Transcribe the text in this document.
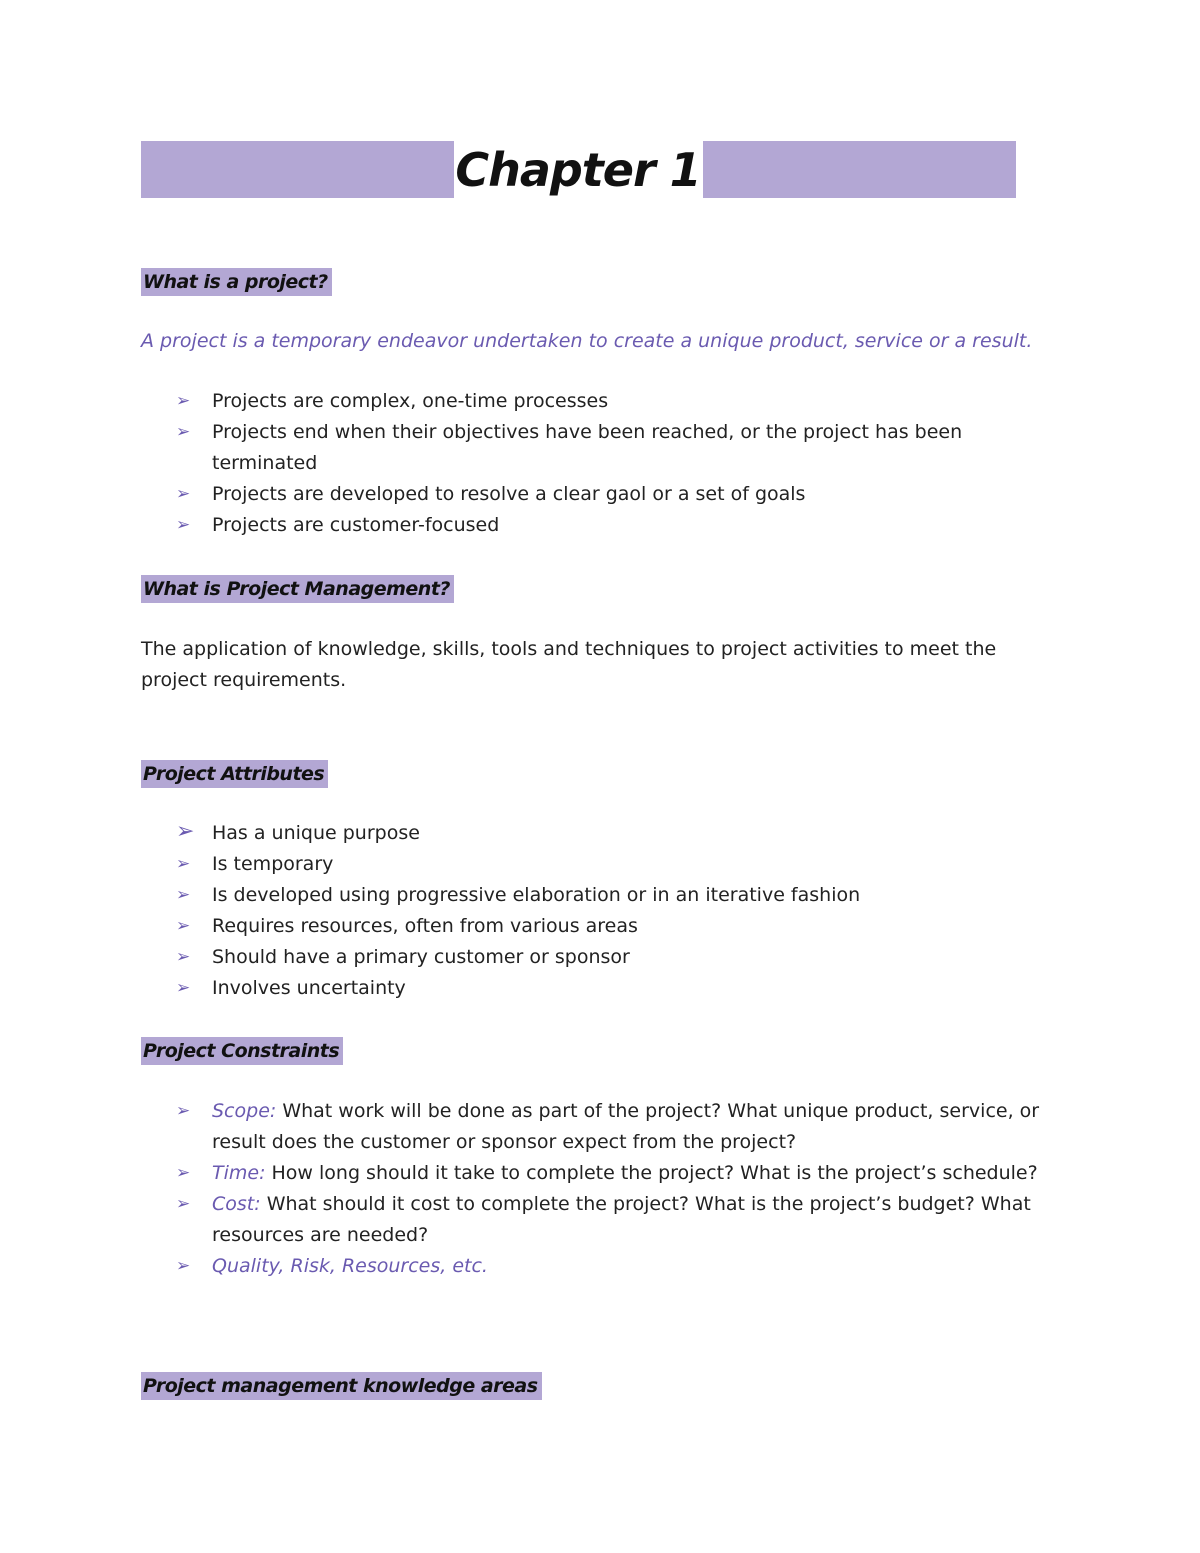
Chapter 1
What is a project?
A project is a temporary endeavor undertaken to create a unique product, service or a result.
➢ Projects are complex, one-time processes
➢ Projects end when their objectives have been reached, or the project has been terminated
➢ Projects are developed to resolve a clear gaol or a set of goals
➢ Projects are customer-focused
What is Project Management?
The application of knowledge, skills, tools and techniques to project activities to meet the project requirements.
Project Attributes
➢ Has a unique purpose
➢ Is temporary
➢ Is developed using progressive elaboration or in an iterative fashion
➢ Requires resources, often from various areas
➢ Should have a primary customer or sponsor
➢ Involves uncertainty
Project Constraints
➢ Scope: What work will be done as part of the project? What unique product, service, or result does the customer or sponsor expect from the project?
➢ Time: How long should it take to complete the project? What is the project’s schedule?
➢ Cost: What should it cost to complete the project? What is the project’s budget? What resources are needed?
➢ Quality, Risk, Resources, etc.
Project management knowledge areas
